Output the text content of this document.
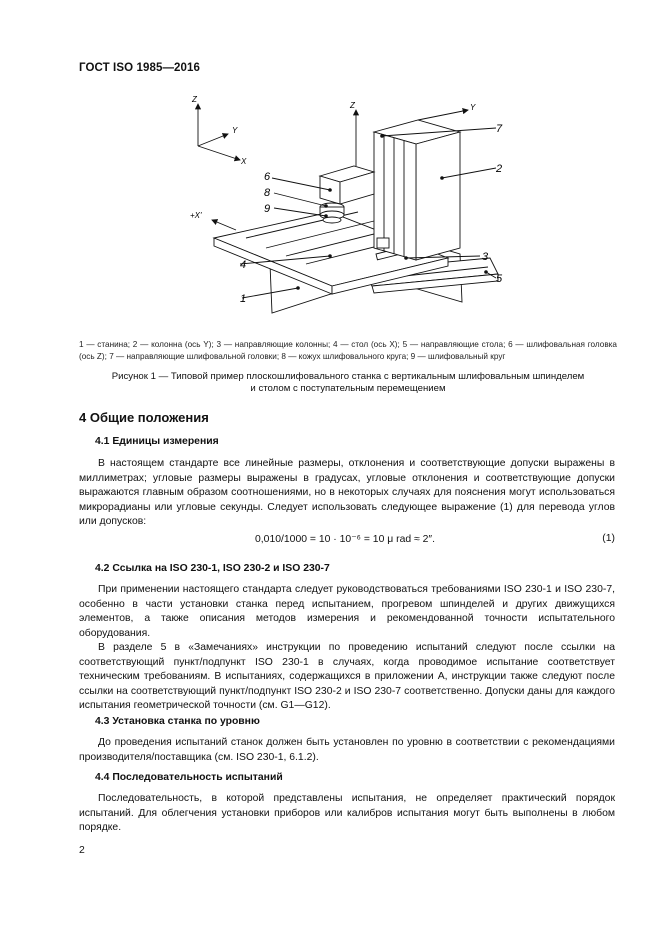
ГОСТ ISO 1985—2016
Z
Y
X
Z	Y
+X'
1
2
3
4
5
6
7
8
9
1 — станина; 2 — колонна (ось Y); 3 — направляющие колонны; 4 — стол (ось X); 5 — направляющие стола; 6 — шлифовальная головка (ось Z); 7 — направляющие шлифовальной головки; 8 — кожух шлифовального круга; 9 — шлифовальный круг
Рисунок 1 — Типовой пример плоскошлифовального станка с вертикальным шлифовальным шпинделем
и столом с поступательным перемещением
4 Общие положения
4.1 Единицы измерения

В настоящем стандарте все линейные размеры, отклонения и соответствующие допуски выражены в миллиметрах; угловые размеры выражены в градусах, угловые отклонения и соответствующие допуски выражаются главным образом соотношениями, но в некоторых случаях для пояснения могут использоваться микрорадианы или угловые секунды. Следует использовать следующее выражение (1) для перевода углов или допусков:

0,010/1000 = 10 · 10⁻⁶ = 10 μ rad ≈ 2″.	(1)
4.2 Ссылка на ISO 230-1, ISO 230-2 и ISO 230-7

При применении настоящего стандарта следует руководствоваться требованиями ISO 230-1 и ISO 230-7, особенно в части установки станка перед испытанием, прогревом шпинделей и других движущихся элементов, а также описания методов измерения и рекомендованной точности испытательного оборудования.

В разделе 5 в «Замечаниях» инструкции по проведению испытаний следуют после ссылки на соответствующий пункт/подпункт ISO 230-1 в случаях, когда проводимое испытание соответствует техническим требованиям. В испытаниях, содержащихся в приложении А, инструкции также следуют после ссылки на соответствующий пункт/подпункт ISO 230-2 и ISO 230-7 соответственно. Допуски даны для каждого испытания геометрической точности (см. G1—G12).

4.3 Установка станка по уровню

До проведения испытаний станок должен быть установлен по уровню в соответствии с рекомендациями производителя/поставщика (см. ISO 230-1, 6.1.2).

4.4 Последовательность испытаний

Последовательность, в которой представлены испытания, не определяет практический порядок испытаний. Для облегчения установки приборов или калибров испытания могут быть выполнены в любом порядке.

2
